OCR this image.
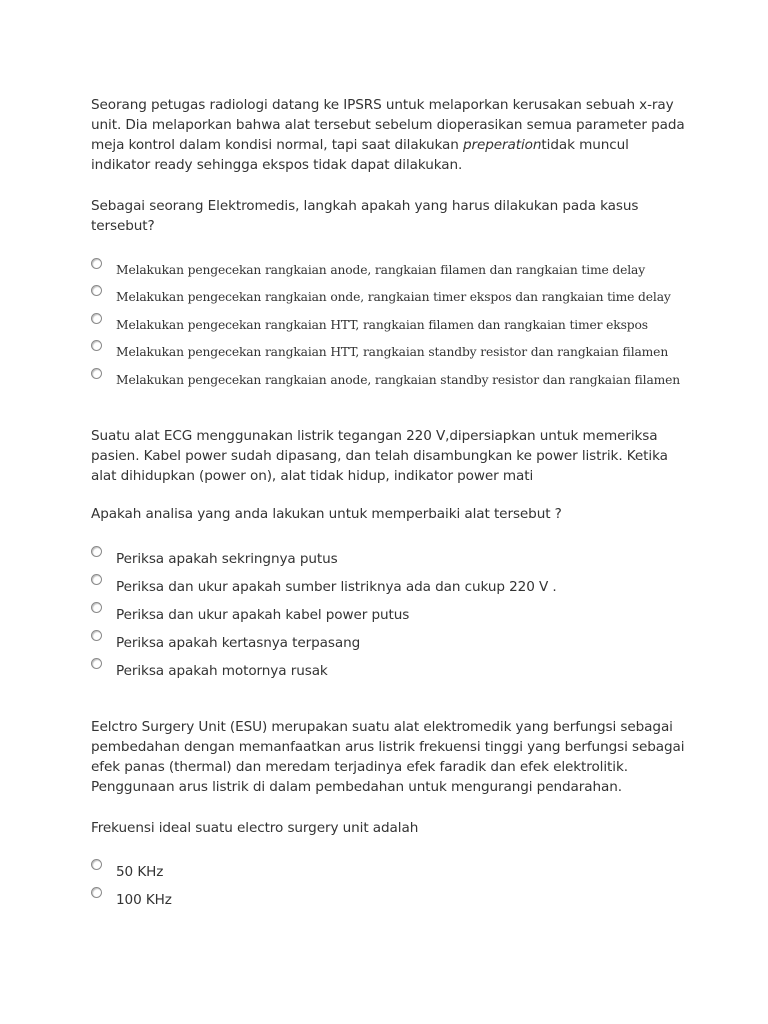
Seorang petugas radiologi datang ke IPSRS untuk melaporkan kerusakan sebuah x-ray unit. Dia melaporkan bahwa alat tersebut sebelum dioperasikan semua parameter pada meja kontrol dalam kondisi normal, tapi saat dilakukan preperationtidak muncul indikator ready sehingga ekspos tidak dapat dilakukan.

Sebagai seorang Elektromedis, langkah apakah yang harus dilakukan pada kasus tersebut?

Melakukan pengecekan rangkaian anode, rangkaian filamen dan rangkaian time delay
Melakukan pengecekan rangkaian onde, rangkaian timer ekspos dan rangkaian time delay
Melakukan pengecekan rangkaian HTT, rangkaian filamen dan rangkaian timer ekspos
Melakukan pengecekan rangkaian HTT, rangkaian standby resistor dan rangkaian filamen
Melakukan pengecekan rangkaian anode, rangkaian standby resistor dan rangkaian filamen

Suatu alat ECG menggunakan listrik tegangan 220 V,dipersiapkan untuk memeriksa pasien. Kabel power sudah dipasang, dan telah disambungkan ke power listrik. Ketika alat dihidupkan (power on), alat tidak hidup, indikator power mati

Apakah analisa yang anda lakukan untuk memperbaiki alat tersebut ?

Periksa apakah sekringnya putus
Periksa dan ukur apakah sumber listriknya ada dan cukup 220 V .
Periksa dan ukur apakah kabel power putus
Periksa apakah kertasnya terpasang
Periksa apakah motornya rusak

Eelctro Surgery Unit (ESU) merupakan suatu alat elektromedik yang berfungsi sebagai pembedahan dengan memanfaatkan arus listrik frekuensi tinggi yang berfungsi sebagai efek panas (thermal) dan meredam terjadinya efek faradik dan efek elektrolitik. Penggunaan arus listrik di dalam pembedahan untuk mengurangi pendarahan.

Frekuensi ideal suatu electro surgery unit adalah

50 KHz
100 KHz
